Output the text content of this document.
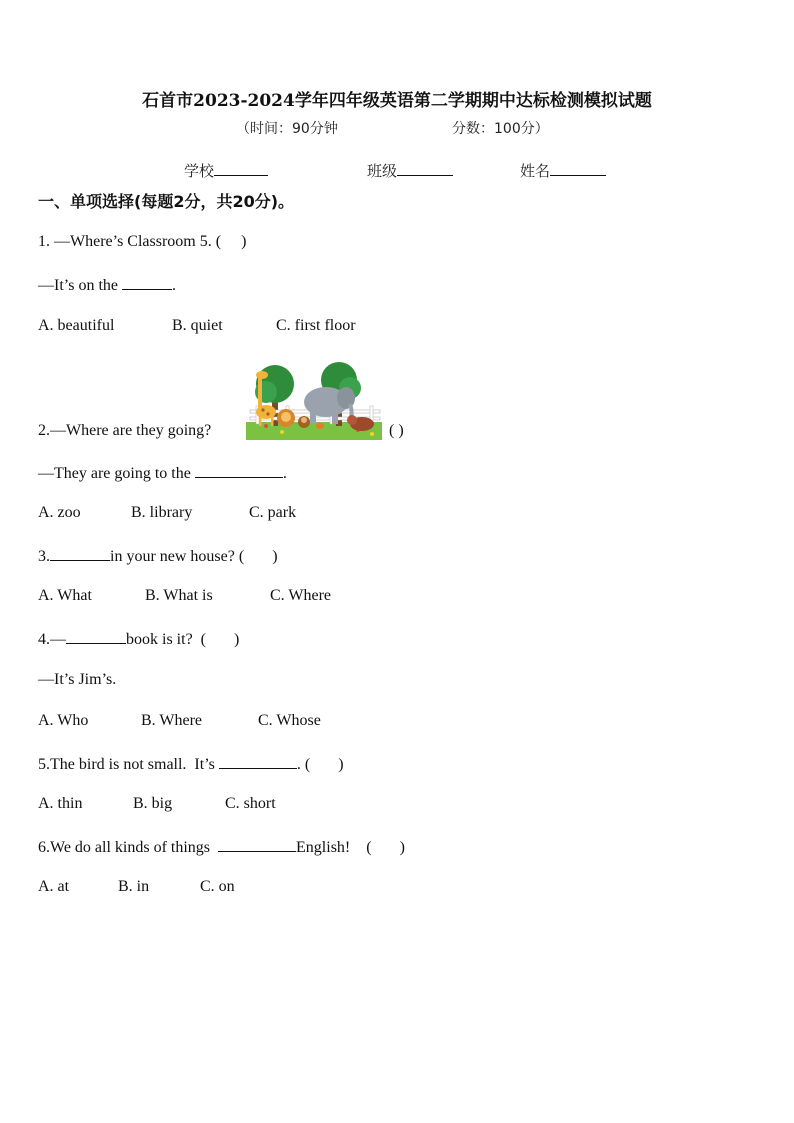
石首市2023-2024学年四年级英语第二学期期中达标检测模拟试题
（时间：90分钟	分数：100分）
学校	班级	姓名
一、单项选择(每题2分，共20分)。
1. —Where’s Classroom 5. (     )
—It’s on the	.
A. beautiful	B. quiet	C. first floor
2.—Where are they going?	( )
—They are going to the	.
A. zoo	B. library	C. park
3.	in your new house? (       )
A. What	B. What is	C. Where
4.—	book is it?  (       )
—It’s Jim’s.
A. Who	B. Where	C. Whose
5.The bird is not small.  It’s	. (       )
A. thin	B. big	C. short
6.We do all kinds of things	English!    (       )
A. at	B. in	C. on
